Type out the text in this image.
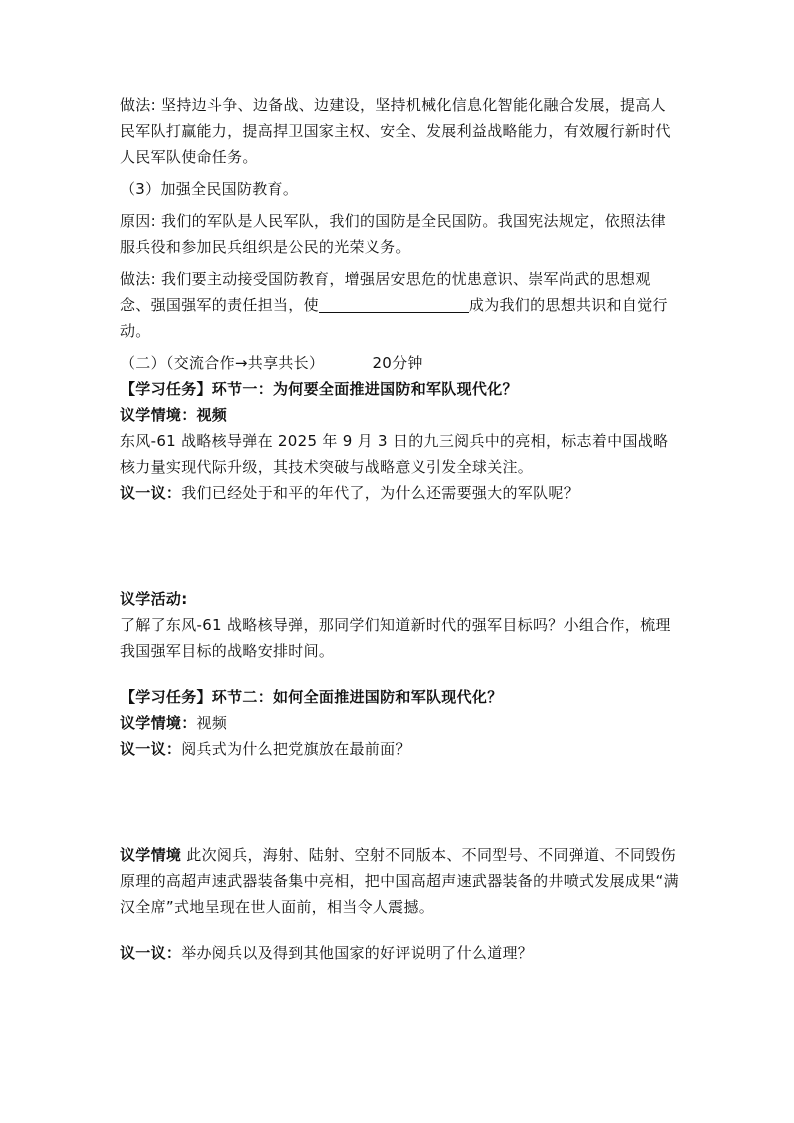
做法: 坚持边斗争、边备战、边建设，坚持机械化信息化智能化融合发展，提高人民军队打赢能力，提高捍卫国家主权、安全、发展利益战略能力，有效履行新时代人民军队使命任务。

（3）加强全民国防教育。

原因: 我们的军队是人民军队，我们的国防是全民国防。我国宪法规定，依照法律服兵役和参加民兵组织是公民的光荣义务。

做法: 我们要主动接受国防教育，增强居安思危的忧患意识、崇军尚武的思想观念、强国强军的责任担当，使	成为我们的思想共识和自觉行动。

（二）（交流合作→共享共长）	20分钟

【学习任务】环节一：为何要全面推进国防和军队现代化？

议学情境：视频

东风-61 战略核导弹在 2025 年 9 月 3 日的九三阅兵中的亮相，标志着中国战略核力量实现代际升级，其技术突破与战略意义引发全球关注。

议一议：我们已经处于和平的年代了，为什么还需要强大的军队呢？

议学活动:

了解了东风-61 战略核导弹，那同学们知道新时代的强军目标吗？小组合作，梳理我国强军目标的战略安排时间。

【学习任务】环节二：如何全面推进国防和军队现代化？

议学情境：视频

议一议：阅兵式为什么把党旗放在最前面？

议学情境 此次阅兵，海射、陆射、空射不同版本、不同型号、不同弹道、不同毁伤原理的高超声速武器装备集中亮相，把中国高超声速武器装备的井喷式发展成果“满汉全席”式地呈现在世人面前，相当令人震撼。

议一议：举办阅兵以及得到其他国家的好评说明了什么道理？
